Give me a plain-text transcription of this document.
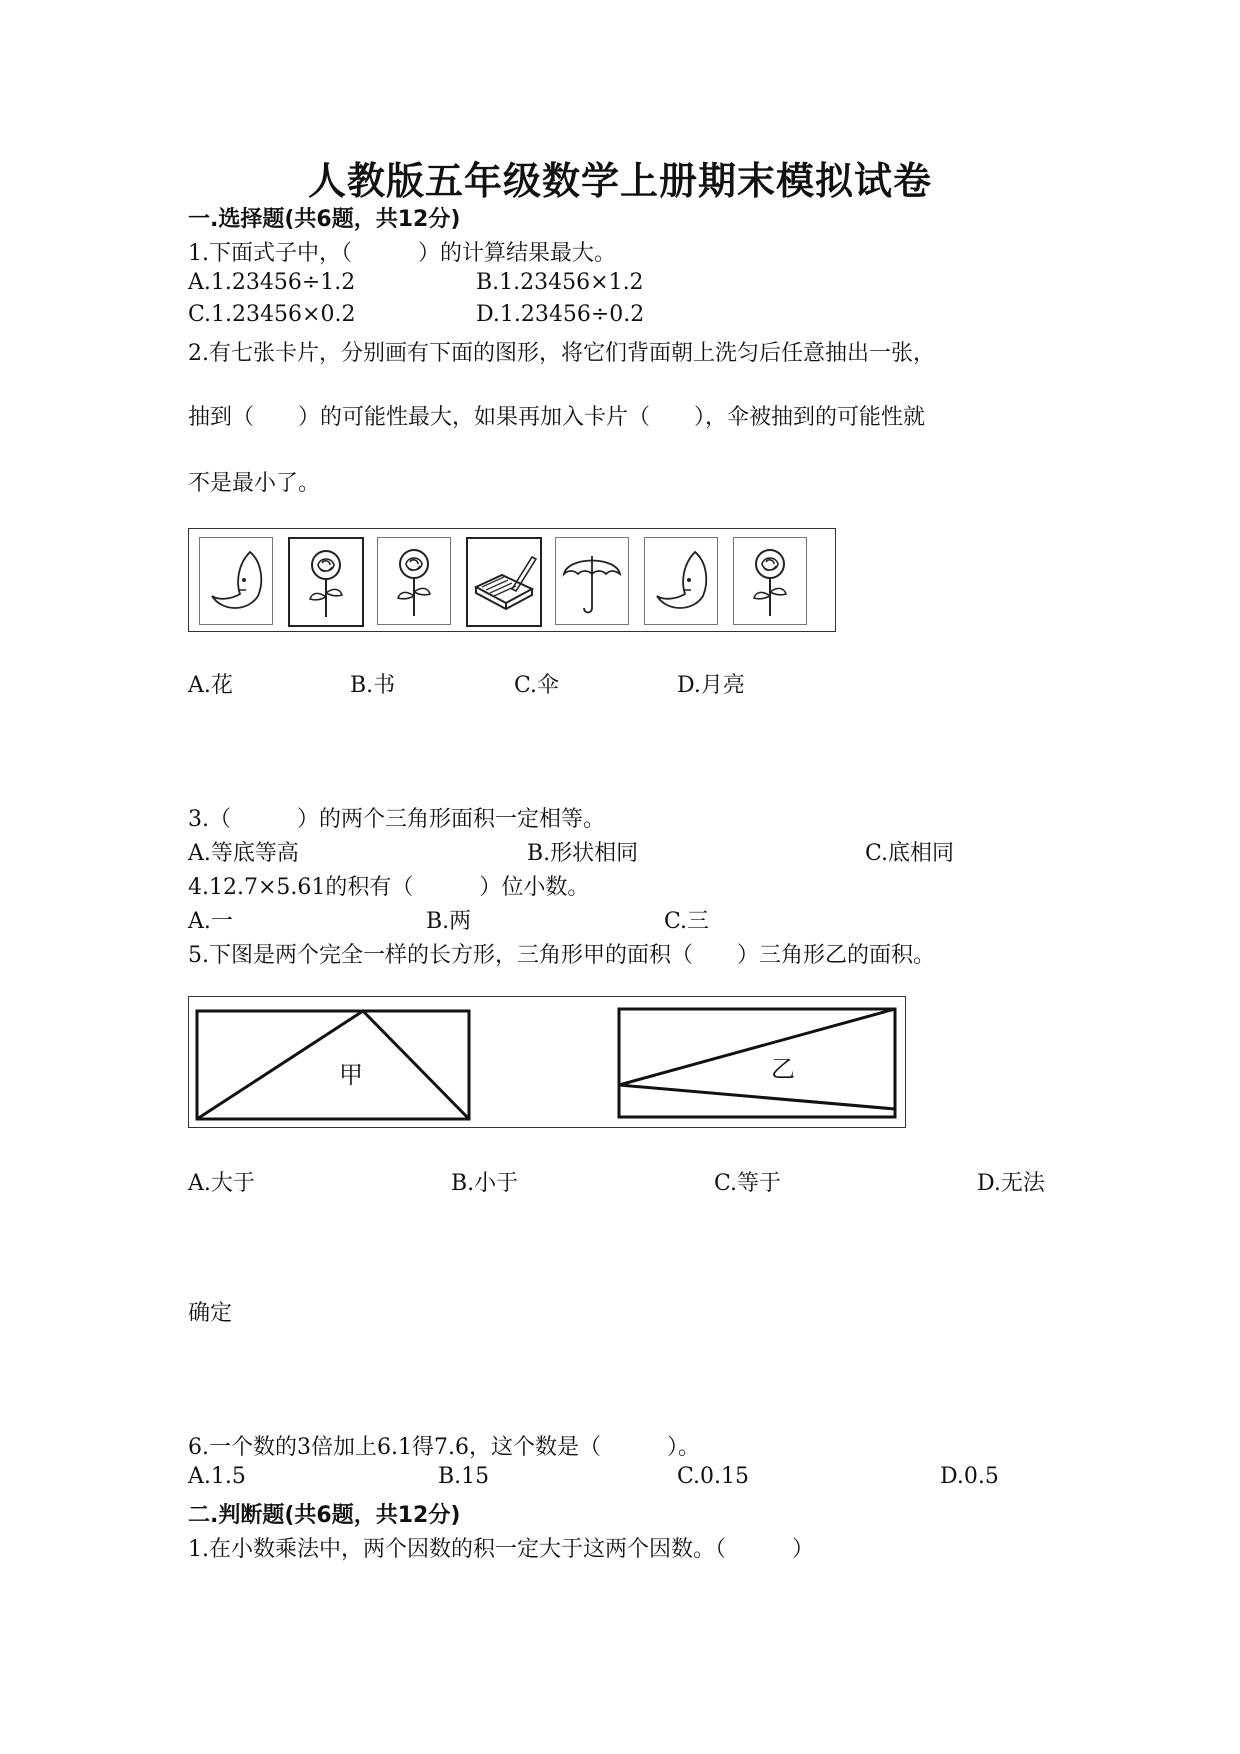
人教版五年级数学上册期末模拟试卷
一.选择题(共6题，共12分)
1.下面式子中，（　　　）的计算结果最大。
A.1.23456÷1.2	B.1.23456×1.2
C.1.23456×0.2	D.1.23456÷0.2
2.有七张卡片，分别画有下面的图形，将它们背面朝上洗匀后任意抽出一张，
抽到（　　）的可能性最大，如果再加入卡片（　　），伞被抽到的可能性就
不是最小了。
A.花	B.书	C.伞	D.月亮
3.（　　　）的两个三角形面积一定相等。
A.等底等高	B.形状相同	C.底相同
4.12.7×5.61的积有（　　　）位小数。
A.一	B.两	C.三
5.下图是两个完全一样的长方形，三角形甲的面积（　　）三角形乙的面积。
甲	乙
A.大于	B.小于	C.等于	D.无法
确定
6.一个数的3倍加上6.1得7.6，这个数是（　　　）。
A.1.5	B.15	C.0.15	D.0.5
二.判断题(共6题，共12分)
1.在小数乘法中，两个因数的积一定大于这两个因数。（　　　）
